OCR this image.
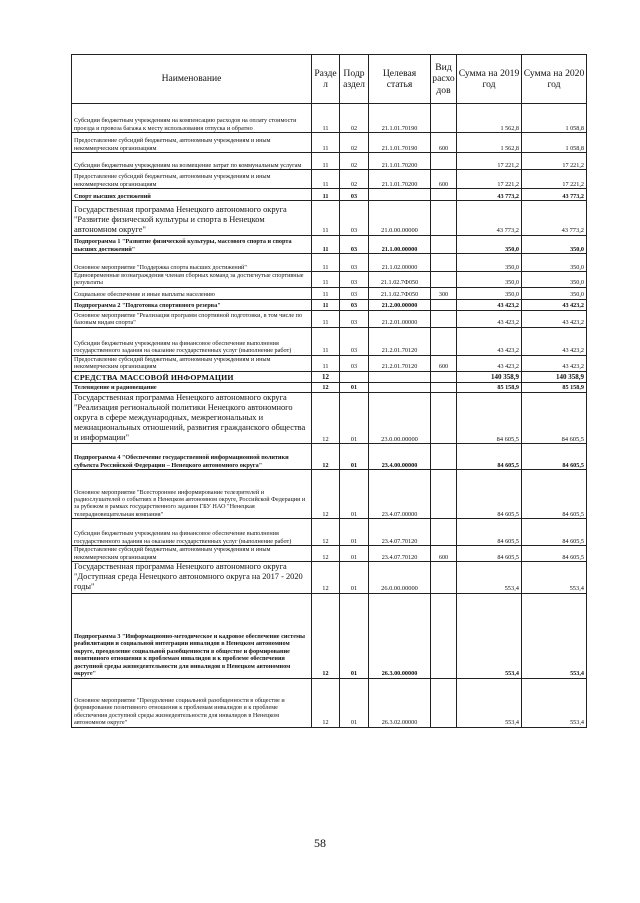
Наименование	Разде л	Подр аздел	Целевая статья	Вид расхо дов	Сумма на 2019 год	Сумма на 2020 год
Субсидии бюджетным учреждениям на компенсацию расходов на оплату стоимости проезда и провоза багажа к месту использования отпуска и обратно	11	02	21.1.01.70190		1 562,8	1 058,8
Предоставление субсидий бюджетным, автономным учреждениям и иным некоммерческим организациям	11	02	21.1.01.70190	600	1 562,8	1 058,8
Субсидии бюджетным учреждениям на возмещение затрат по коммунальным услугам	11	02	21.1.01.70200		17 221,2	17 221,2
Предоставление субсидий бюджетным, автономным учреждениям и иным некоммерческим организациям	11	02	21.1.01.70200	600	17 221,2	17 221,2
Спорт высших достижений	11	03			43 773,2	43 773,2
Государственная программа Ненецкого автономного округа "Развитие физической культуры и спорта в Ненецком автономном округе"	11	03	21.0.00.00000		43 773,2	43 773,2
Подпрограмма 1 "Развитие физической культуры, массового спорта и спорта высших достижений"	11	03	21.1.00.00000		350,0	350,0
Основное мероприятие "Поддержка спорта высших достижений"	11	03	21.1.02.00000		350,0	350,0
Единовременные вознаграждения членам сборных команд за достигнутые спортивные результаты	11	03	21.1.02.7Ф050		350,0	350,0
Социальное обеспечение и иные выплаты населению	11	03	21.1.02.7Ф050	300	350,0	350,0
Подпрограмма 2 "Подготовка спортивного резерва"	11	03	21.2.00.00000		43 423,2	43 423,2
Основное мероприятие "Реализация программ спортивной подготовки, в том числе по базовым видам спорта"	11	03	21.2.01.00000		43 423,2	43 423,2
Субсидии бюджетным учреждениям на финансовое обеспечение выполнения государственного задания на оказание государственных услуг (выполнение работ)	11	03	21.2.01.70120		43 423,2	43 423,2
Предоставление субсидий бюджетным, автономным учреждениям и иным некоммерческим организациям	11	03	21.2.01.70120	600	43 423,2	43 423,2
СРЕДСТВА МАССОВОЙ ИНФОРМАЦИИ	12				140 358,9	140 358,9
Телевидение и радиовещание	12	01			85 158,9	85 158,9
Государственная программа Ненецкого автономного округа "Реализация региональной политики Ненецкого автономного округа в сфере международных, межрегиональных и межнациональных отношений, развития гражданского общества и информации"	12	01	23.0.00.00000		84 605,5	84 605,5
Подпрограмма 4 "Обеспечение государственной информационной политики субъекта Российской Федерации – Ненецкого автономного округа"	12	01	23.4.00.00000		84 605,5	84 605,5
Основное мероприятие "Всестороннее информирование телезрителей и радиослушателей о событиях в Ненецком автономном округе, Российской Федерации и за рубежом в рамках государственного задания ГБУ НАО "Ненецкая телерадиовещательная компания"	12	01	23.4.07.00000		84 605,5	84 605,5
Субсидии бюджетным учреждениям на финансовое обеспечение выполнения государственного задания на оказание государственных услуг (выполнение работ)	12	01	23.4.07.70120		84 605,5	84 605,5
Предоставление субсидий бюджетным, автономным учреждениям и иным некоммерческим организациям	12	01	23.4.07.70120	600	84 605,5	84 605,5
Государственная программа Ненецкого автономного округа "Доступная среда Ненецкого автономного округа на 2017 - 2020 годы"	12	01	26.0.00.00000		553,4	553,4
Подпрограмма 3 "Информационно-методическое и кадровое обеспечение системы реабилитации и социальной интеграции инвалидов в Ненецком автономном округе, преодоление социальной разобщенности в обществе и формирование позитивного отношения к проблемам инвалидов и к проблеме обеспечения доступной среды жизнедеятельности для инвалидов в Ненецком автономном округе"	12	01	26.3.00.00000		553,4	553,4
Основное мероприятие "Преодоление социальной разобщенности в обществе и формирование позитивного отношения к проблемам инвалидов и к проблеме обеспечения доступной среды жизнедеятельности для инвалидов в Ненецком автономном округе"	12	01	26.3.02.00000		553,4	553,4
58
